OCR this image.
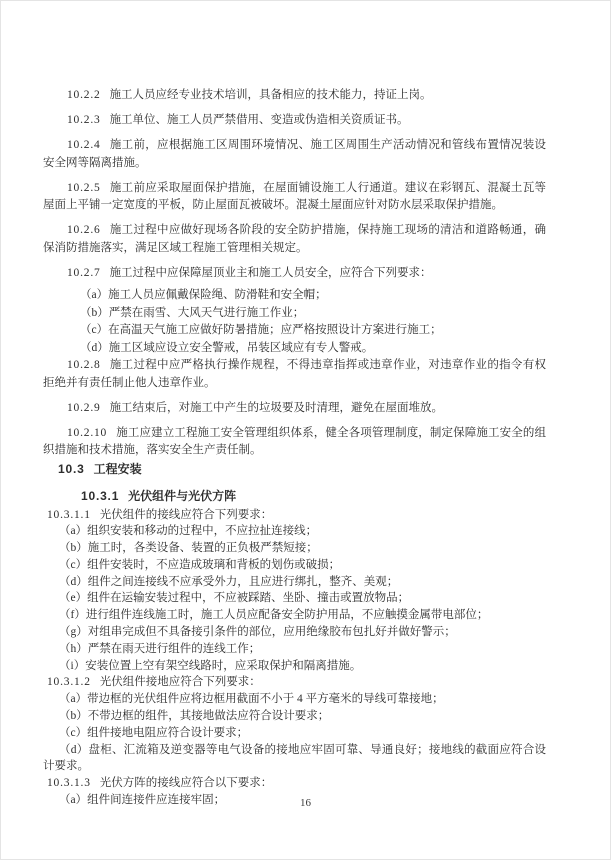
10.2.2 施工人员应经专业技术培训，具备相应的技术能力，持证上岗。

10.2.3 施工单位、施工人员严禁借用、变造或伪造相关资质证书。

10.2.4 施工前，应根据施工区周围环境情况、施工区周围生产活动情况和管线布置情况装设安全网等隔离措施。

10.2.5 施工前应采取屋面保护措施，在屋面铺设施工人行通道。建议在彩钢瓦、混凝土瓦等屋面上平铺一定宽度的平板，防止屋面瓦被破坏。混凝土屋面应针对防水层采取保护措施。

10.2.6 施工过程中应做好现场各阶段的安全防护措施，保持施工现场的清洁和道路畅通，确保消防措施落实，满足区域工程施工管理相关规定。

10.2.7 施工过程中应保障屋顶业主和施工人员安全，应符合下列要求：

（a）施工人员应佩戴保险绳、防滑鞋和安全帽；

（b）严禁在雨雪、大风天气进行施工作业；

（c）在高温天气施工应做好防暑措施；应严格按照设计方案进行施工；

（d）施工区域应设立安全警戒，吊装区域应有专人警戒。

10.2.8 施工过程中应严格执行操作规程，不得违章指挥或违章作业，对违章作业的指令有权拒绝并有责任制止他人违章作业。

10.2.9 施工结束后，对施工中产生的垃圾要及时清理，避免在屋面堆放。

10.2.10 施工应建立工程施工安全管理组织体系，健全各项管理制度，制定保障施工安全的组织措施和技术措施，落实安全生产责任制。

10.3 工程安装

10.3.1 光伏组件与光伏方阵

10.3.1.1 光伏组件的接线应符合下列要求：

（a）组织安装和移动的过程中，不应拉扯连接线；

（b）施工时，各类设备、装置的正负极严禁短接；

（c）组件安装时，不应造成玻璃和背板的划伤或破损；

（d）组件之间连接线不应承受外力，且应进行绑扎，整齐、美观；

（e）组件在运输安装过程中，不应被踩踏、坐卧、撞击或置放物品；

（f）进行组件连线施工时，施工人员应配备安全防护用品，不应触摸金属带电部位；

（g）对组串完成但不具备接引条件的部位，应用绝缘胶布包扎好并做好警示；

（h）严禁在雨天进行组件的连线工作；

（i）安装位置上空有架空线路时，应采取保护和隔离措施。

10.3.1.2 光伏组件接地应符合下列要求：

（a）带边框的光伏组件应将边框用截面不小于 4 平方毫米的导线可靠接地；

（b）不带边框的组件，其接地做法应符合设计要求；

（c）组件接地电阻应符合设计要求；

（d）盘柜、汇流箱及逆变器等电气设备的接地应牢固可靠、导通良好；接地线的截面应符合设计要求。

10.3.1.3 光伏方阵的接线应符合以下要求：

（a）组件间连接件应连接牢固；	16
